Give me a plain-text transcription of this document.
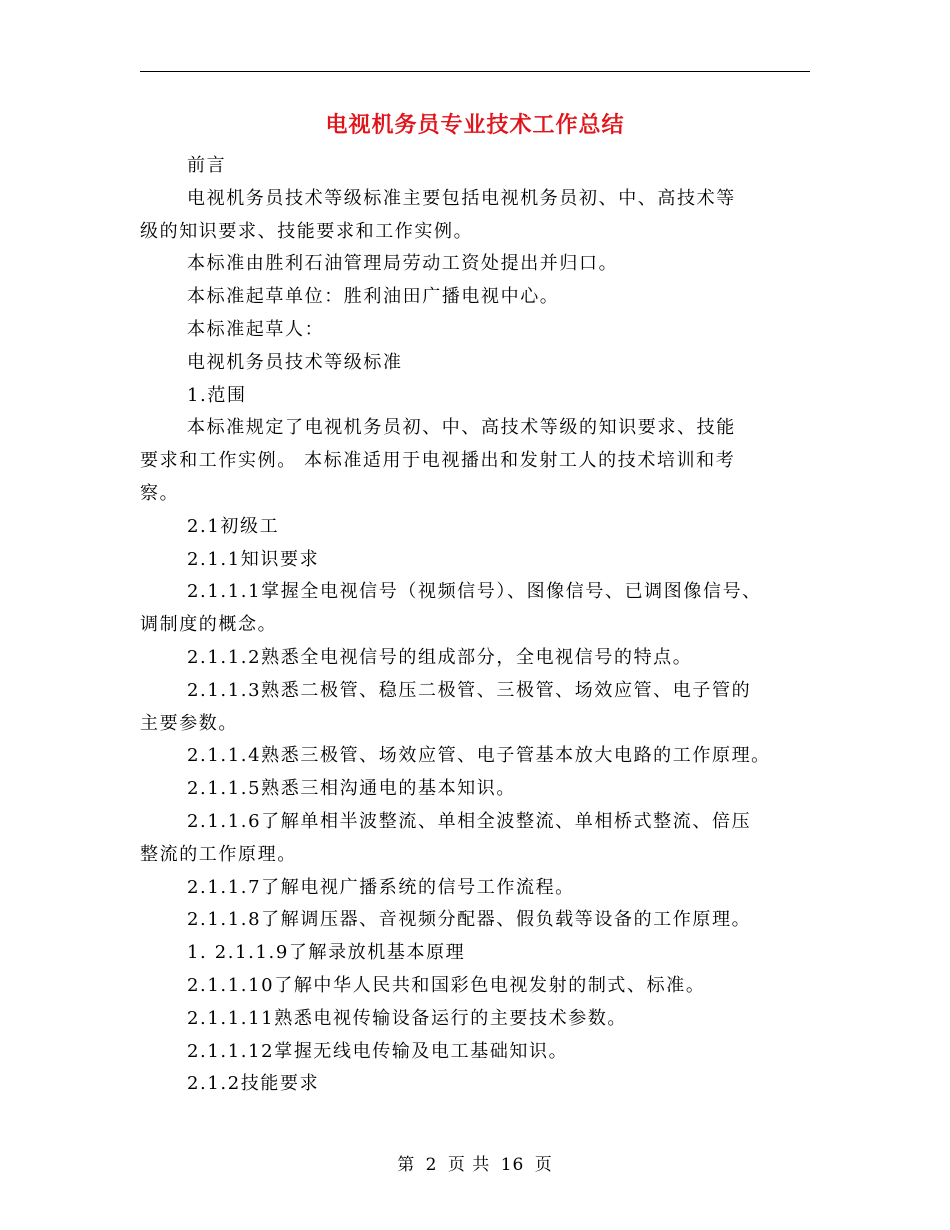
电视机务员专业技术工作总结

前言

电视机务员技术等级标准主要包括电视机务员初、中、高技术等

级的知识要求、技能要求和工作实例。

本标准由胜利石油管理局劳动工资处提出并归口。

本标准起草单位：胜利油田广播电视中心。

本标准起草人：

电视机务员技术等级标准

1.范围

本标准规定了电视机务员初、中、高技术等级的知识要求、技能

要求和工作实例。 本标准适用于电视播出和发射工人的技术培训和考

察。

2.1初级工

2.1.1知识要求

2.1.1.1掌握全电视信号（视频信号）、图像信号、已调图像信号、

调制度的概念。

2.1.1.2熟悉全电视信号的组成部分，全电视信号的特点。

2.1.1.3熟悉二极管、稳压二极管、三极管、场效应管、电子管的

主要参数。

2.1.1.4熟悉三极管、场效应管、电子管基本放大电路的工作原理。

2.1.1.5熟悉三相沟通电的基本知识。

2.1.1.6了解单相半波整流、单相全波整流、单相桥式整流、倍压

整流的工作原理。

2.1.1.7了解电视广播系统的信号工作流程。

2.1.1.8了解调压器、音视频分配器、假负载等设备的工作原理。

1. 2.1.1.9了解录放机基本原理

2.1.1.10了解中华人民共和国彩色电视发射的制式、标准。

2.1.1.11熟悉电视传输设备运行的主要技术参数。

2.1.1.12掌握无线电传输及电工基础知识。

2.1.2技能要求

第 2 页 共 16 页
